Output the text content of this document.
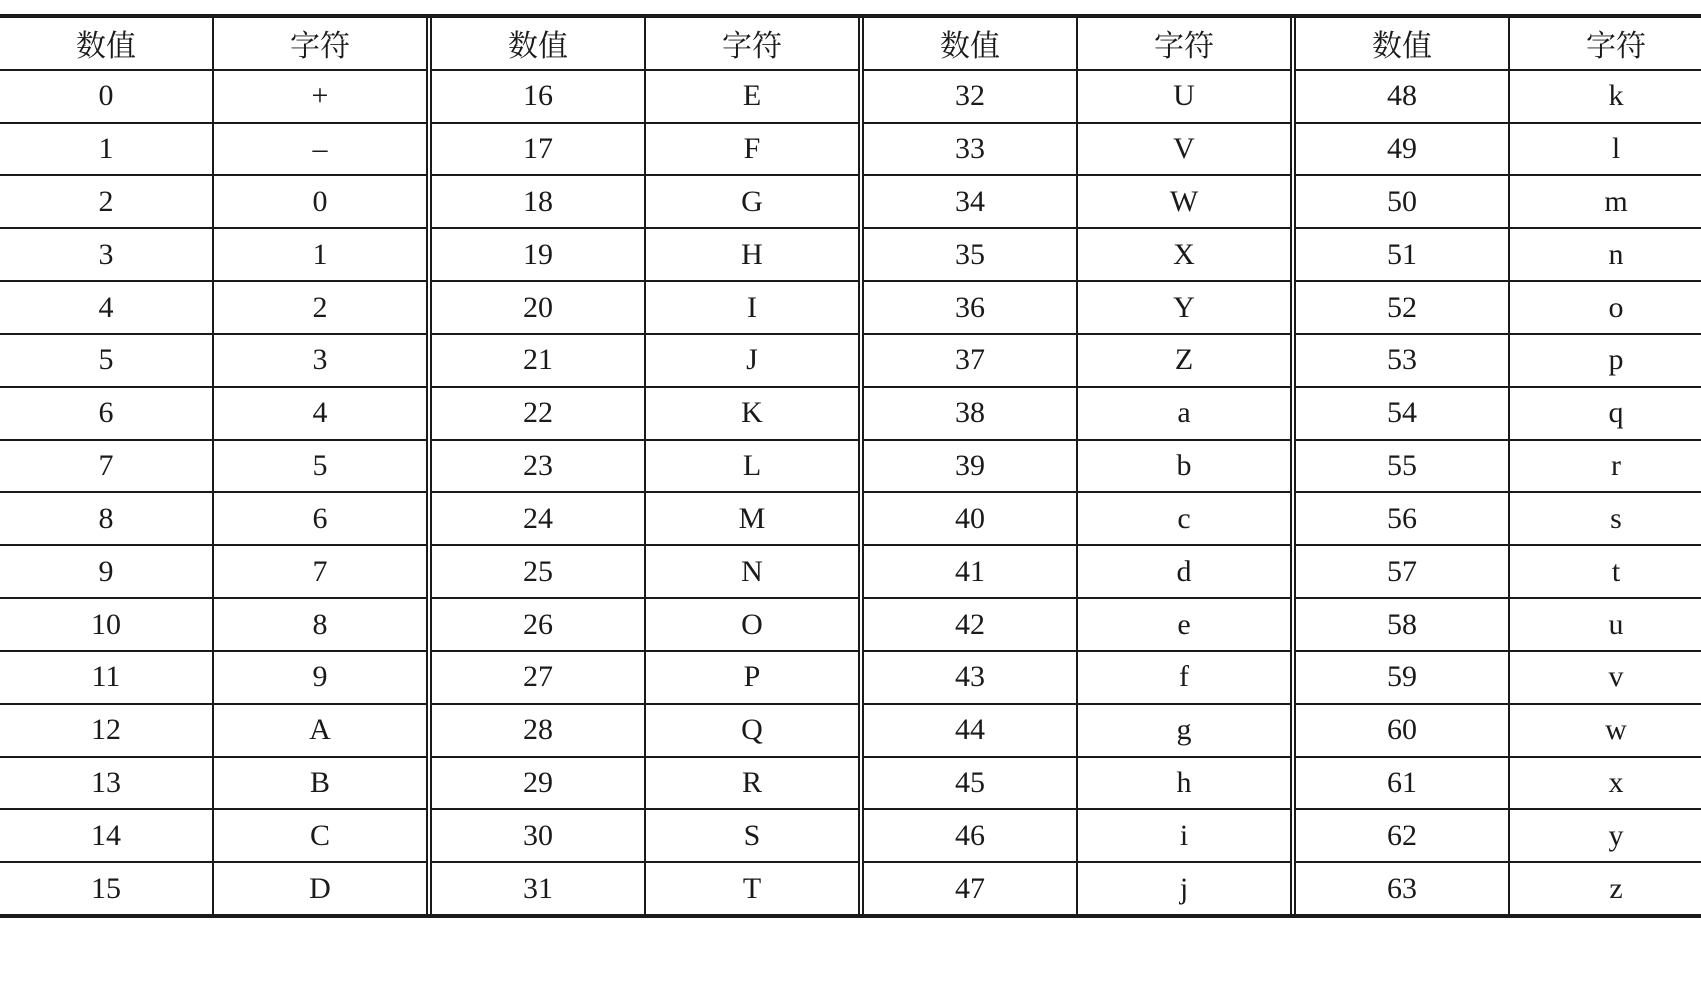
数值
0
1
2
3
4
5
6
7
8
9
10
11
12
13
14
15
字符
+
–
0
1
2
3
4
5
6
7
8
9
A
B
C
D
数值
16
17
18
19
20
21
22
23
24
25
26
27
28
29
30
31
字符
E
F
G
H
I
J
K
L
M
N
O
P
Q
R
S
T
数值
32
33
34
35
36
37
38
39
40
41
42
43
44
45
46
47
字符
U
V
W
X
Y
Z
a
b
c
d
e
f
g
h
i
j
数值
48
49
50
51
52
53
54
55
56
57
58
59
60
61
62
63
字符
k
l
m
n
o
p
q
r
s
t
u
v
w
x
y
z
